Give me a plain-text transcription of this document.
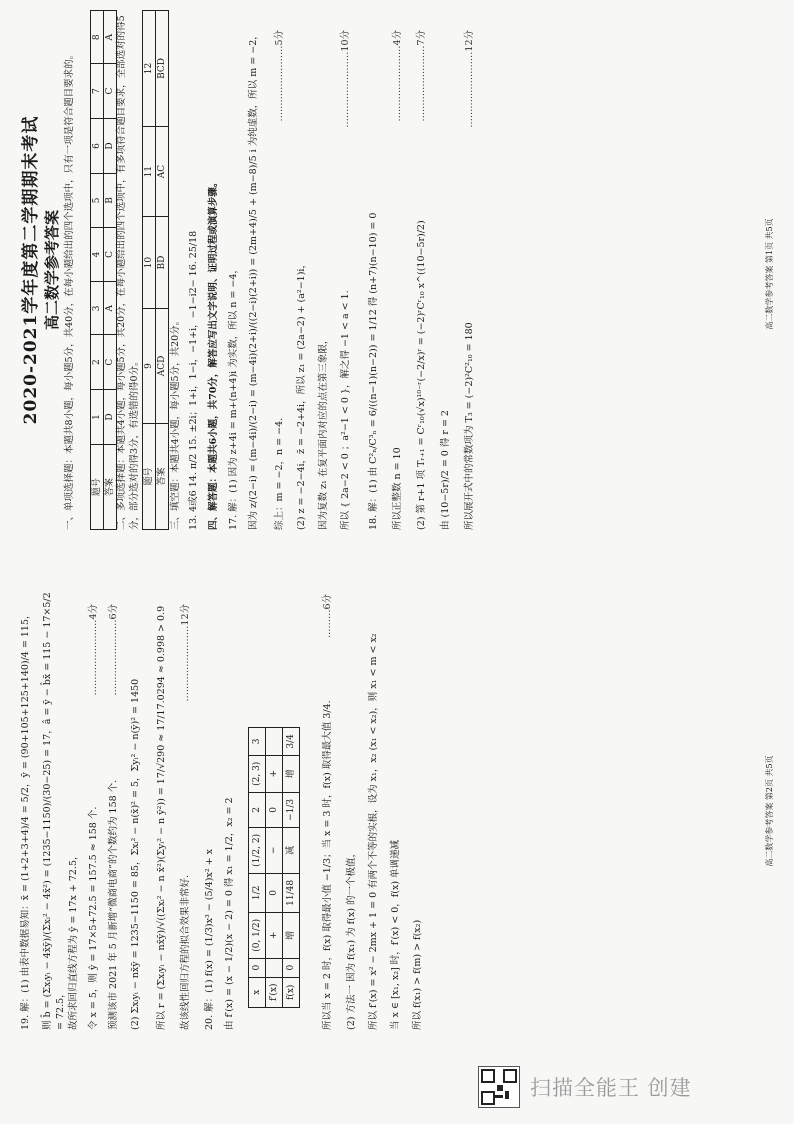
2020-2021学年度第二学期期末考试 高二数学参考答案 一、单项选择题：本题共8小题，每小题5分，共40分，在每小题给出的四个选项中，只有一项是符合题目要求的。 题号	1	2	3	4	5	6	7	8
答案	D	C	A	C	B	D	C	A 二、多项选择题：本题共4小题，每小题5分，共20分，在每小题给出的四个选项中，有多项符合题目要求，全部选对的得5分，部分选对的得3分，有选错的得0分。 题号	9	10	11	12
答案	ACD	BD	AC	BCD
三、填空题：本题共4小题，每小题5分，共20分。 13. 4或6 14. π/2 15. ±2i；1+i，1−i，−1+i，−1−i2− 16. 25/18 四、解答题：本题共6小题，共70分，解答应写出文字说明、证明过程或演算步骤。 17. 解：(1) 因为 z+4i = m+(n+4)i 为实数，所以 n = −4， 因为 z/(2−i) = (m−4i)/(2−i) = (m−4i)(2+i)/((2−i)(2+i)) = (2m+4)/5 + (m−8)/5 i 为纯虚数，所以 m = −2， 综上：m = −2，n = −4.
……………………5分
(2) z = −2−4i，z̄ = −2+4i，所以 z₁ = (2a−2) + (a²−1)i， 因为复数 z₁ 在复平面内对应的点在第三象限， 所以 { 2a−2 < 0 ；a²−1 < 0 }，解之得 −1 < a < 1.
……………………10分
18. 解：(1) 由 C²ₙ/C³ₙ = 6/((n−1)(n−2)) = 1/12 得 (n+7)(n−10) = 0 所以正整数 n = 10
……………………4分
(2) 第 r+1 项 Tᵣ₊₁ = Cʳ₁₀(√x)¹⁰⁻ʳ(−2/x)ʳ = (−2)ʳCʳ₁₀ x^((10−5r)/2)
……………………7分
由 (10−5r)/2 = 0 得 r = 2 所以展开式中的常数项为 T₃ = (−2)²C²₁₀ = 180
……………………12分
高二数学参考答案 第1页 共5页
19. 解：(1) 由表中数据易知：x̄ = (1+2+3+4)/4 = 5/2，ȳ = (90+105+125+140)/4 = 115， 则 b̂ = (Σxᵢyᵢ − 4x̄ȳ)/(Σxᵢ² − 4x̄²) = (1235−1150)/(30−25) = 17，â = ȳ − b̂x̄ = 115 − 17×5/2 = 72.5， 故所求回归直线方程为 ŷ = 17x + 72.5， 令 x = 5，则 ŷ = 17×5+72.5 = 157.5 ≈ 158 个.
……………………4分
预测该市 2021 年 5 月新增“微商电商”的个数约为 158 个.
……………………6分
(2) Σxᵢyᵢ − nx̄ȳ = 1235−1150 = 85，Σxᵢ² − n(x̄)² = 5，Σyᵢ² − n(ȳ)² = 1450 所以 r = (Σxᵢyᵢ − nx̄ȳ)/√((Σxᵢ² − n x̄²)(Σyᵢ² − n ȳ²)) = 17/√290 ≈ 17/17.0294 ≈ 0.998 > 0.9 故该线性回归方程的拟合效果非常好.
……………………12分
20. 解：(1) f(x) = (1/3)x³ − (5/4)x² + x 由 f′(x) = (x − 1/2)(x − 2) = 0 得 x₁ = 1/2，x₂ = 2 x	0	(0, 1/2)	1/2	(1/2, 2)	2	(2, 3)	3
f′(x)		+	0	−	0	+	
f(x)	0	增	11/48	减	−1/3	增	3/4	所以当 x = 2 时，f(x) 取得最小值 −1/3；当 x = 3 时，f(x) 取得最大值 3/4.
………6分
(2) 方法一 因为 f(x₁) 为 f(x) 的一个极值， 所以 f′(x) = x² − 2mx + 1 = 0 有两个不等的实根，设为 x₁，x₂ (x₁ < x₂)，则 x₁ < m < x₂ 当 x ∈ [x₁, x₂] 时，f′(x) < 0，f(x) 单调递减 所以 f(x₁) > f(m) > f(x₂)
高二数学参考答案 第2页 共5页
扫描全能王 创建
